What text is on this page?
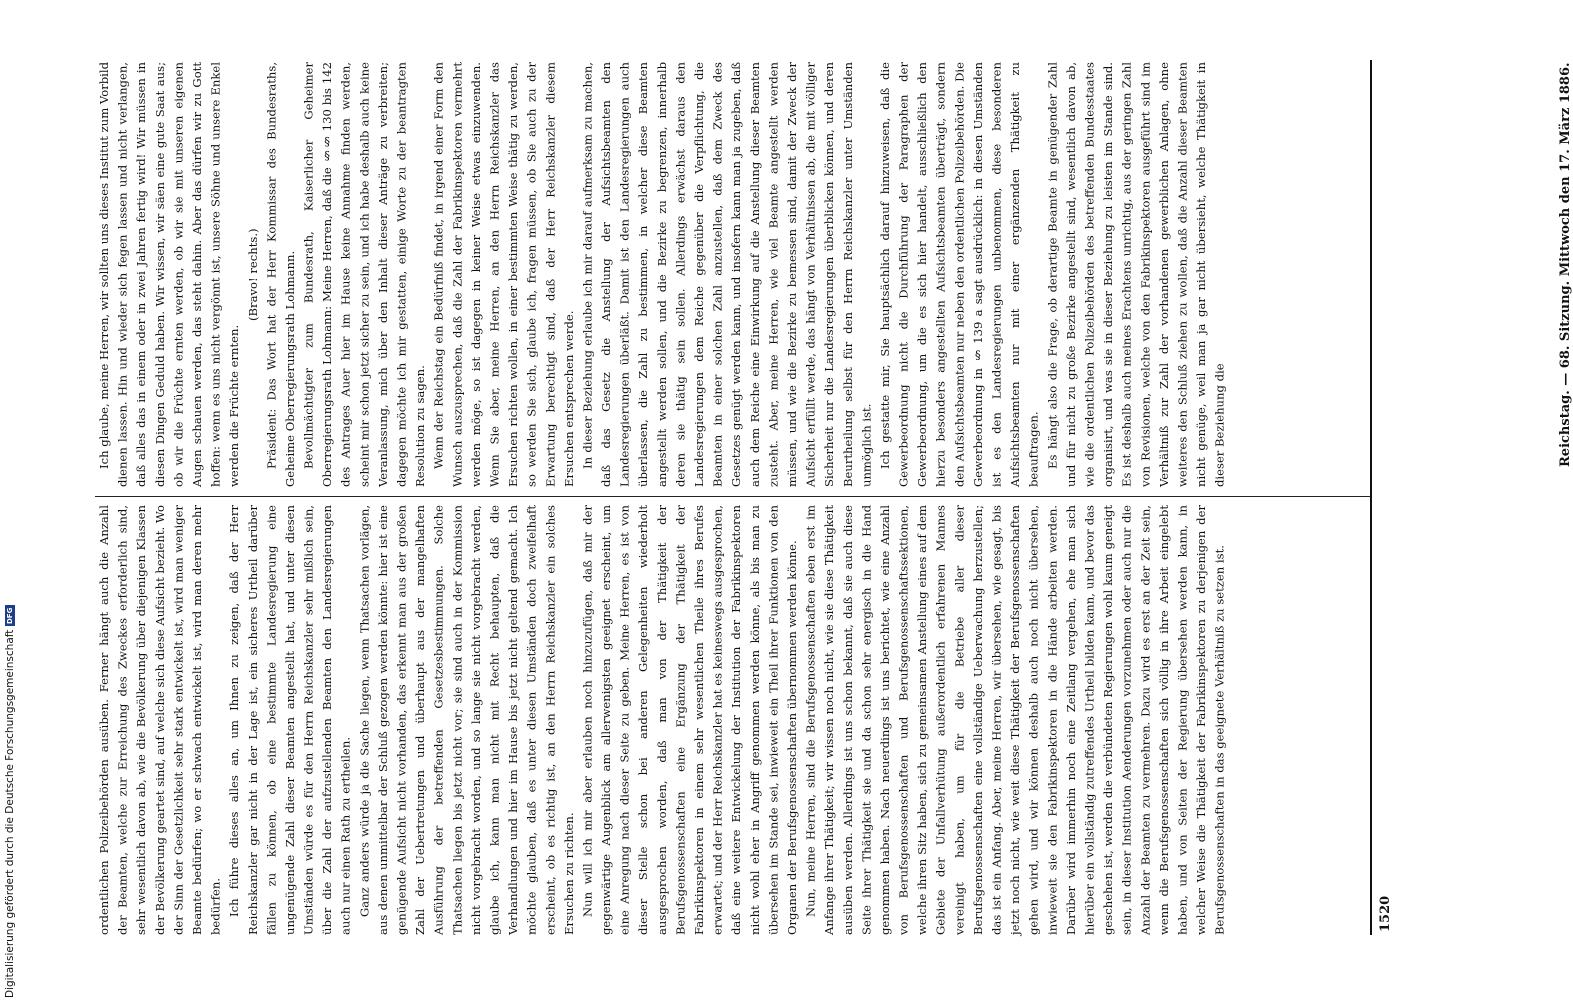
Ich glaube, meine Herren, wir sollten uns dieses Institut zum Vorbild dienen lassen. Hin und wieder sich fegen lassen und nicht verlangen, daß alles das in einem oder in zwei Jahren fertig wird! Wir müssen in diesen Dingen Geduld haben. Wir wissen, wir säen eine gute Saat aus; ob wir die Früchte ernten werden, ob wir sie mit unseren eigenen Augen schauen werden, das steht dahin. Aber das dürfen wir zu Gott hoffen: wenn es uns nicht vergönnt ist, unsere Söhne und unsere Enkel werden die Früchte ernten.

(Bravo! rechts.) Präsident: Das Wort hat der Herr Kommissar des Bundesraths, Geheime Oberregierungsrath Lohmann. Bevollmächtigter zum Bundesrath, Kaiserlicher Geheimer Oberregierungsrath Lohmann: Meine Herren, daß die §§ 130 bis 142 des Antrages Auer hier im Hause keine Annahme finden werden, scheint mir schon jetzt sicher zu sein, und ich habe deshalb auch keine Veranlassung, mich über den Inhalt dieser Anträge zu verbreiten; dagegen möchte ich mir gestatten, einige Worte zu der beantragten Resolution zu sagen. Wenn der Reichstag ein Bedürfniß findet, in irgend einer Form den Wunsch auszusprechen, daß die Zahl der Fabrikinspektoren vermehrt werden möge, so ist dagegen in keiner Weise etwas einzuwenden. Wenn Sie aber, meine Herren, an den Herrn Reichskanzler das Ersuchen richten wollen, in einer bestimmten Weise thätig zu werden, so werden Sie sich, glaube ich, fragen müssen, ob Sie auch zu der Erwartung berechtigt sind, daß der Herr Reichskanzler diesem Ersuchen entsprechen werde. In dieser Beziehung erlaube ich mir darauf aufmerksam zu machen, daß das Gesetz die Anstellung der Aufsichtsbeamten den Landesregierungen überläßt. Damit ist den Landesregierungen auch überlassen, die Zahl zu bestimmen, in welcher diese Beamten angestellt werden sollen, und die Bezirke zu begrenzen, innerhalb deren sie thätig sein sollen. Allerdings erwächst daraus den Landesregierungen dem Reiche gegenüber die Verpflichtung, die Beamten in einer solchen Zahl anzustellen, daß dem Zweck des Gesetzes genügt werden kann, und insofern kann man ja zugeben, daß auch dem Reiche eine Einwirkung auf die Anstellung dieser Beamten zusteht. Aber, meine Herren, wie viel Beamte angestellt werden müssen, und wie die Bezirke zu bemessen sind, damit der Zweck der Aufsicht erfüllt werde, das hängt von Verhältnissen ab, die mit völliger Sicherheit nur die Landesregierungen überblicken können, und deren Beurtheilung selbst für den Herrn Reichskanzler unter Umständen unmöglich ist. Ich gestatte mir, Sie hauptsächlich darauf hinzuweisen, daß die Gewerbeordnung nicht die Durchführung der Paragraphen der Gewerbeordnung, um die es sich hier handelt, ausschließlich den hierzu besonders angestellten Aufsichtsbeamten überträgt, sondern den Aufsichtsbeamten nur neben den ordentlichen Polizeibehörden. Die Gewerbeordnung in § 139 a sagt ausdrücklich: in diesen Umständen ist es den Landesregierungen unbenommen, diese besonderen Aufsichtsbeamten nur mit einer ergänzenden Thätigkeit zu beauftragen. Es hängt also die Frage, ob derartige Beamte in genügender Zahl und für nicht zu große Bezirke angestellt sind, wesentlich davon ab, wie die ordentlichen Polizeibehörden des betreffenden Bundesstaates organisirt, und was sie in dieser Beziehung zu leisten im Stande sind. Es ist deshalb auch meines Erachtens unrichtig, aus der geringen Zahl von Revisionen, welche von den Fabrikinspektoren ausgeführt sind im Verhältniß zur Zahl der vorhandenen gewerblichen Anlagen, ohne weiteres den Schluß ziehen zu wollen, daß die Anzahl dieser Beamten nicht genüge, weil man ja gar nicht übersieht, welche Thätigkeit in dieser Beziehung die

ordentlichen Polizeibehörden ausüben. Ferner hängt auch die Anzahl der Beamten, welche zur Erreichung des Zweckes erforderlich sind, sehr wesentlich davon ab, wie die Bevölkerung über diejenigen Klassen der Bevölkerung geartet sind, auf welche sich diese Aufsicht bezieht. Wo der Sinn der Gesetzlichkeit sehr stark entwickelt ist, wird man weniger Beamte bedürfen; wo er schwach entwickelt ist, wird man deren mehr bedürfen. Ich führe dieses alles an, um Ihnen zu zeigen, daß der Herr Reichskanzler gar nicht in der Lage ist, ein sicheres Urtheil darüber fällen zu können, ob eine bestimmte Landesregierung eine ungenügende Zahl dieser Beamten angestellt hat, und unter diesen Umständen würde es für den Herrn Reichskanzler sehr mißlich sein, über die Zahl der aufzustellenden Beamten den Landesregierungen auch nur einen Rath zu ertheilen. Ganz anders würde ja die Sache liegen, wenn Thatsachen vorlägen, aus denen unmittelbar der Schluß gezogen werden könnte: hier ist eine genügende Aufsicht nicht vorhanden, das erkennt man aus der großen Zahl der Uebertretungen und überhaupt aus der mangelhaften Ausführung der betreffenden Gesetzesbestimmungen. Solche Thatsachen liegen bis jetzt nicht vor; sie sind auch in der Kommission nicht vorgebracht worden, und so lange sie nicht vorgebracht werden, glaube ich, kann man nicht mit Recht behaupten, daß die Verhandlungen und hier im Hause bis jetzt nicht geltend gemacht. Ich möchte glauben, daß es unter diesen Umständen doch zweifelhaft erscheint, ob es richtig ist, an den Herrn Reichskanzler ein solches Ersuchen zu richten. Nun will ich mir aber erlauben noch hinzuzufügen, daß mir der gegenwärtige Augenblick am allerwenigsten geeignet erscheint, um eine Anregung nach dieser Seite zu geben. Meine Herren, es ist von dieser Stelle schon bei anderen Gelegenheiten wiederholt ausgesprochen worden, daß man von der Thätigkeit der Berufsgenossenschaften eine Ergänzung der Thätigkeit der Fabrikinspektoren in einem sehr wesentlichen Theile ihres Berufes erwartet; und der Herr Reichskanzler hat es keineswegs ausgesprochen, daß eine weitere Entwickelung der Institution der Fabrikinspektoren nicht wohl eher in Angriff genommen werden könne, als bis man zu übersehen im Stande sei, inwieweit ein Theil ihrer Funktionen von den Organen der Berufsgenossenschaften übernommen werden könne. Nun, meine Herren, sind die Berufsgenossenschaften eben erst im Anfange ihrer Thätigkeit; wir wissen noch nicht, wie sie diese Thätigkeit ausüben werden. Allerdings ist uns schon bekannt, daß sie auch diese Seite ihrer Thätigkeit sie und da schon sehr energisch in die Hand genommen haben. Nach neuerdings ist uns berichtet, wie eine Anzahl von Berufsgenossenschaften und Berufsgenossenschaftssektionen, welche ihren Sitz haben, sich zu gemeinsamen Anstellung eines auf dem Gebiete der Unfallverhütung außerordentlich erfahrenen Mannes vereinigt haben, um für die Betriebe aller dieser Berufsgenossenschaften eine vollständige Ueberwachung herzustellen; das ist ein Anfang. Aber, meine Herren, wir übersehen, wie gesagt, bis jetzt noch nicht, wie weit diese Thätigkeit der Berufsgenossenschaften gehen wird, und wir können deshalb auch noch nicht übersehen, inwieweit sie den Fabrikinspektoren in die Hände arbeiten werden. Darüber wird immerhin noch eine Zeitlang vergehen, ehe man sich hierüber ein vollständig zutreffendes Urtheil bilden kann, und bevor das geschehen ist, werden die verbündeten Regierungen wohl kaum geneigt sein, in dieser Institution Aenderungen vorzunehmen oder auch nur die Anzahl der Beamten zu vermehren. Dazu wird es erst an der Zeit sein, wenn die Berufsgenossenschaften sich völlig in ihre Arbeit eingelebt haben, und von Seiten der Regierung übersehen werden kann, in welcher Weise die Thätigkeit der Fabrikinspektoren zu derjenigen der Berufsgenossenschaften in das geeignete Verhältniß zu setzen ist.	1520
Reichstag. — 68. Sitzung. Mittwoch den 17. März 1886.
Digitalisierung gefördert durch die Deutsche Forschungsgemeinschaft
DFG
